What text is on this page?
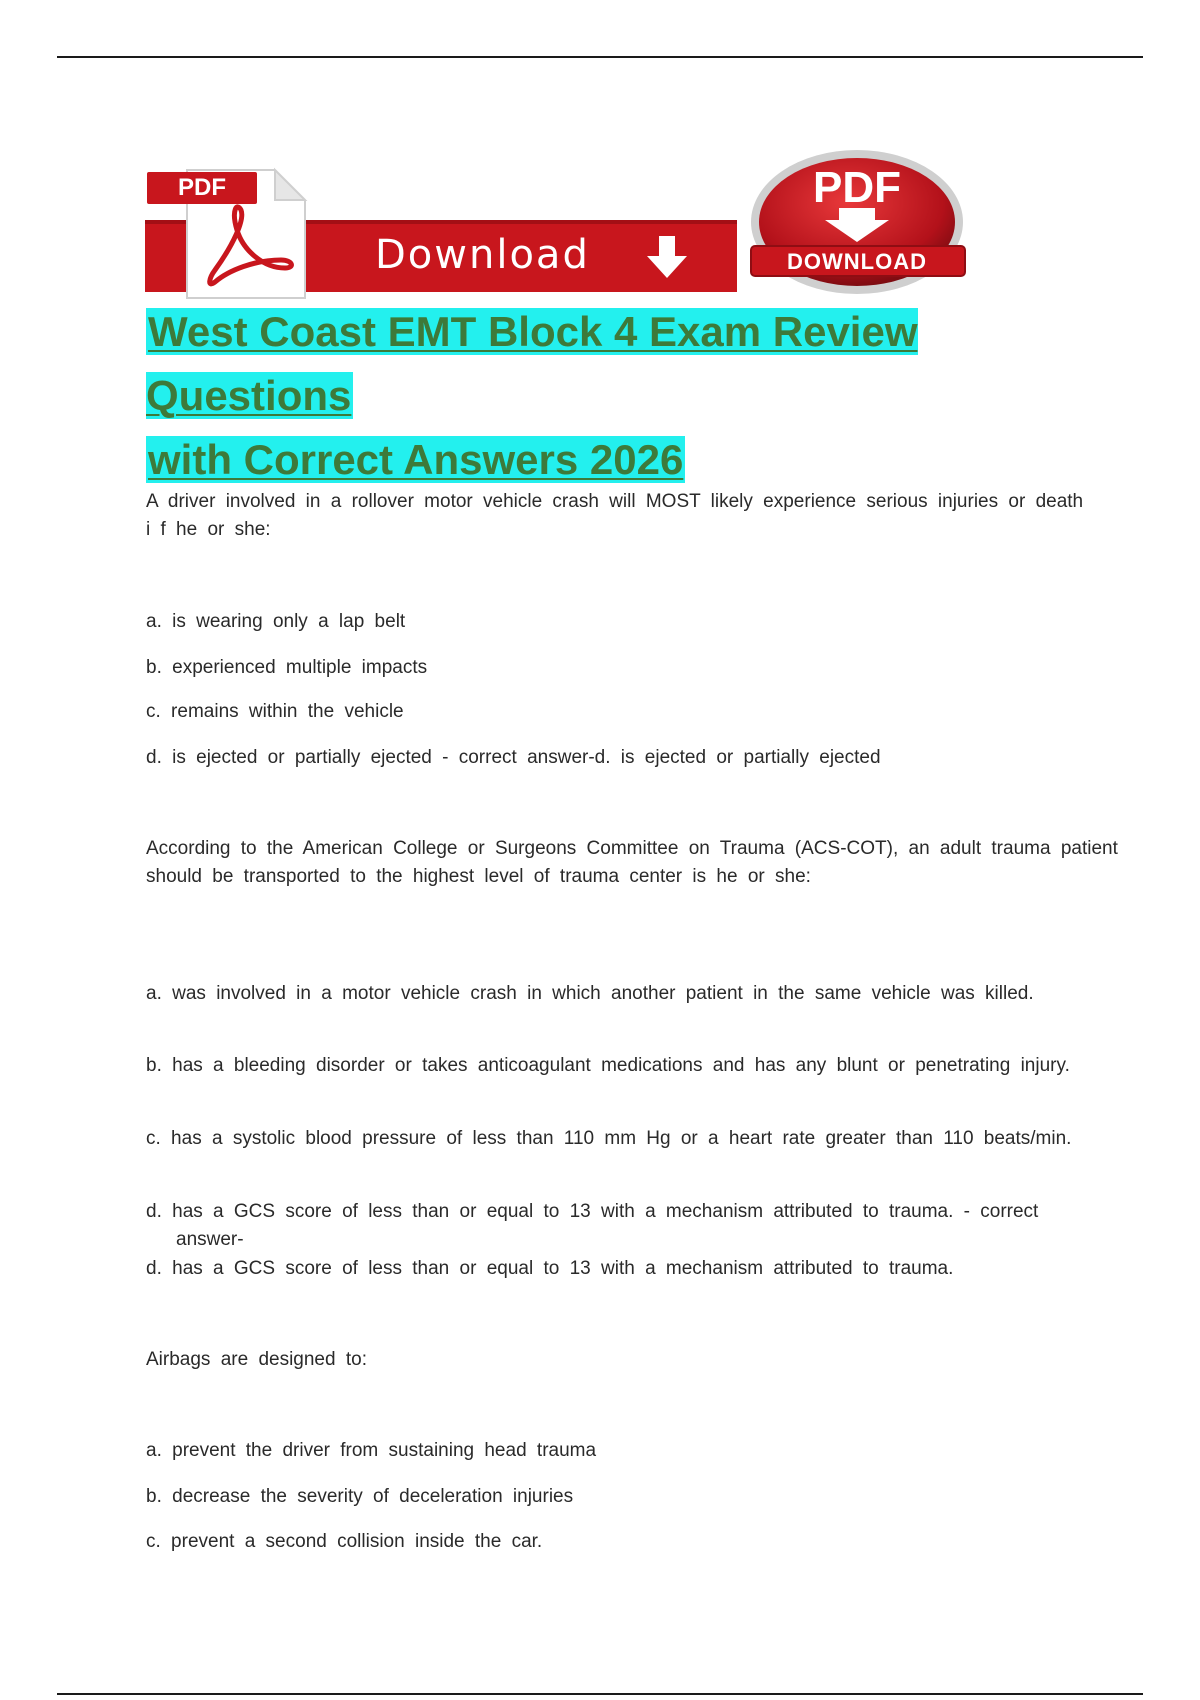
Download
PDF	PDF
DOWNLOAD
West Coast EMT Block 4 Exam Review Questions
with Correct Answers 2026

A driver involved in a rollover motor vehicle crash will MOST likely experience serious injuries or death i f he or she:

a. is wearing only a lap belt

b. experienced multiple impacts

c. remains within the vehicle

d. is ejected or partially ejected - correct answer-d. is ejected or partially ejected

According to the American College or Surgeons Committee on Trauma (ACS-COT), an adult trauma patient should be transported to the highest level of trauma center is he or she:

a. was involved in a motor vehicle crash in which another patient in the same vehicle was killed.

b. has a bleeding disorder or takes anticoagulant medications and has any blunt or penetrating injury.

c. has a systolic blood pressure of less than 110 mm Hg or a heart rate greater than 110 beats/min.

d. has a GCS score of less than or equal to 13 with a mechanism attributed to trauma. - correct answer-

d. has a GCS score of less than or equal to 13 with a mechanism attributed to trauma.

Airbags are designed to:

a. prevent the driver from sustaining head trauma

b. decrease the severity of deceleration injuries

c. prevent a second collision inside the car.
